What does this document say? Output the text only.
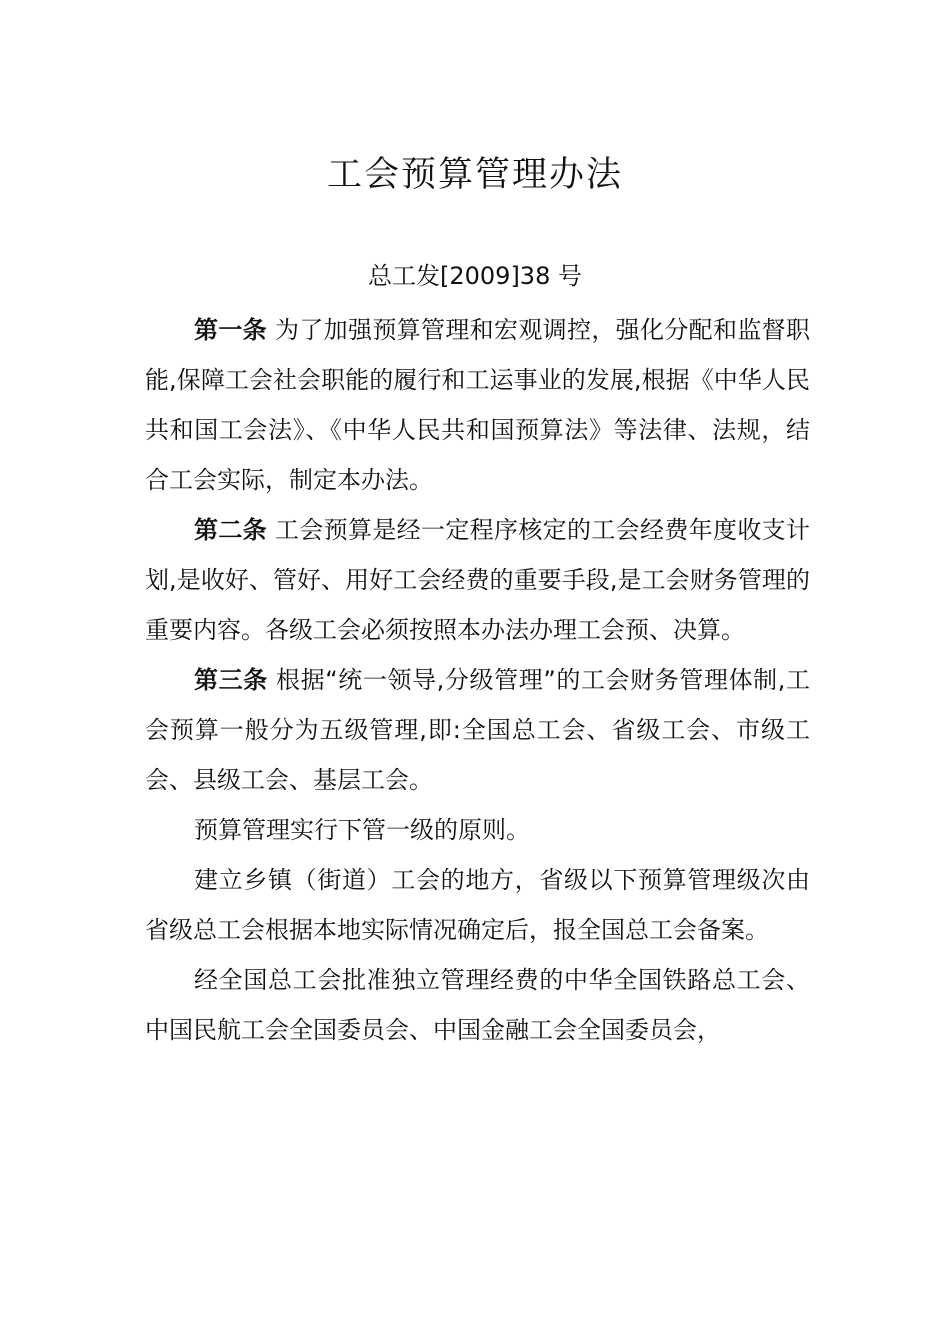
工会预算管理办法
总工发[2009]38 号

第一条 为了加强预算管理和宏观调控，强化分配和监督职能,保障工会社会职能的履行和工运事业的发展,根据《中华人民共和国工会法》、《中华人民共和国预算法》等法律、法规，结合工会实际，制定本办法。

第二条 工会预算是经一定程序核定的工会经费年度收支计划,是收好、管好、用好工会经费的重要手段,是工会财务管理的重要内容。各级工会必须按照本办法办理工会预、决算。

第三条 根据“统一领导,分级管理”的工会财务管理体制,工会预算一般分为五级管理,即:全国总工会、省级工会、市级工会、县级工会、基层工会。

预算管理实行下管一级的原则。

建立乡镇（街道）工会的地方，省级以下预算管理级次由省级总工会根据本地实际情况确定后，报全国总工会备案。

经全国总工会批准独立管理经费的中华全国铁路总工会、中国民航工会全国委员会、中国金融工会全国委员会，
